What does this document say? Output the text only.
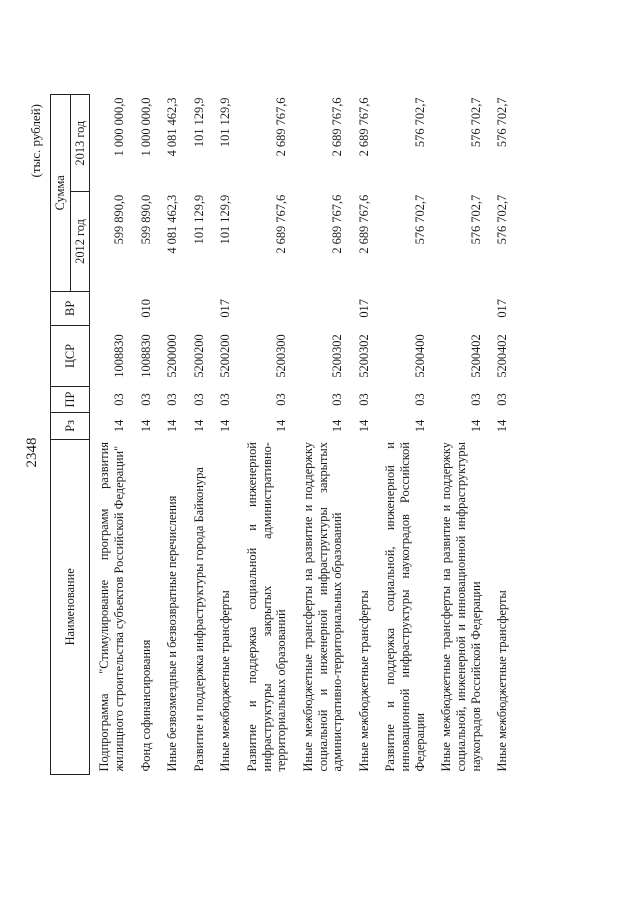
2348
(тыс. рублей)
Наименование	Рз	ПР	ЦСР	ВР	Сумма	
					2012 год	2013 год
Подпрограмма "Стимулирование программ развития жилищного строительства субъектов Российской Федерации"	14	03	1008830		599 890,0	1 000 000,0
Фонд софинансирования	14	03	1008830	010	599 890,0	1 000 000,0
Иные безвозмездные и безвозвратные перечисления	14	03	5200000		4 081 462,3	4 081 462,3
Развитие и поддержка инфраструктуры города Байконура	14	03	5200200		101 129,9	101 129,9
Иные межбюджетные трансферты	14	03	5200200	017	101 129,9	101 129,9
Развитие и поддержка социальной и инженерной инфраструктуры закрытых административно-территориальных образований	14	03	5200300		2 689 767,6	2 689 767,6
Иные межбюджетные трансферты на развитие и поддержку социальной и инженерной инфраструктуры закрытых административно-территориальных образований	14	03	5200302		2 689 767,6	2 689 767,6
Иные межбюджетные трансферты	14	03	5200302	017	2 689 767,6	2 689 767,6
Развитие и поддержка социальной, инженерной и инновационной инфраструктуры наукоградов Российской Федерации	14	03	5200400		576 702,7	576 702,7
Иные межбюджетные трансферты на развитие и поддержку социальной, инженерной и инновационной инфраструктуры наукоградов Российской Федерации	14	03	5200402		576 702,7	576 702,7
Иные межбюджетные трансферты	14	03	5200402	017	576 702,7	576 702,7
